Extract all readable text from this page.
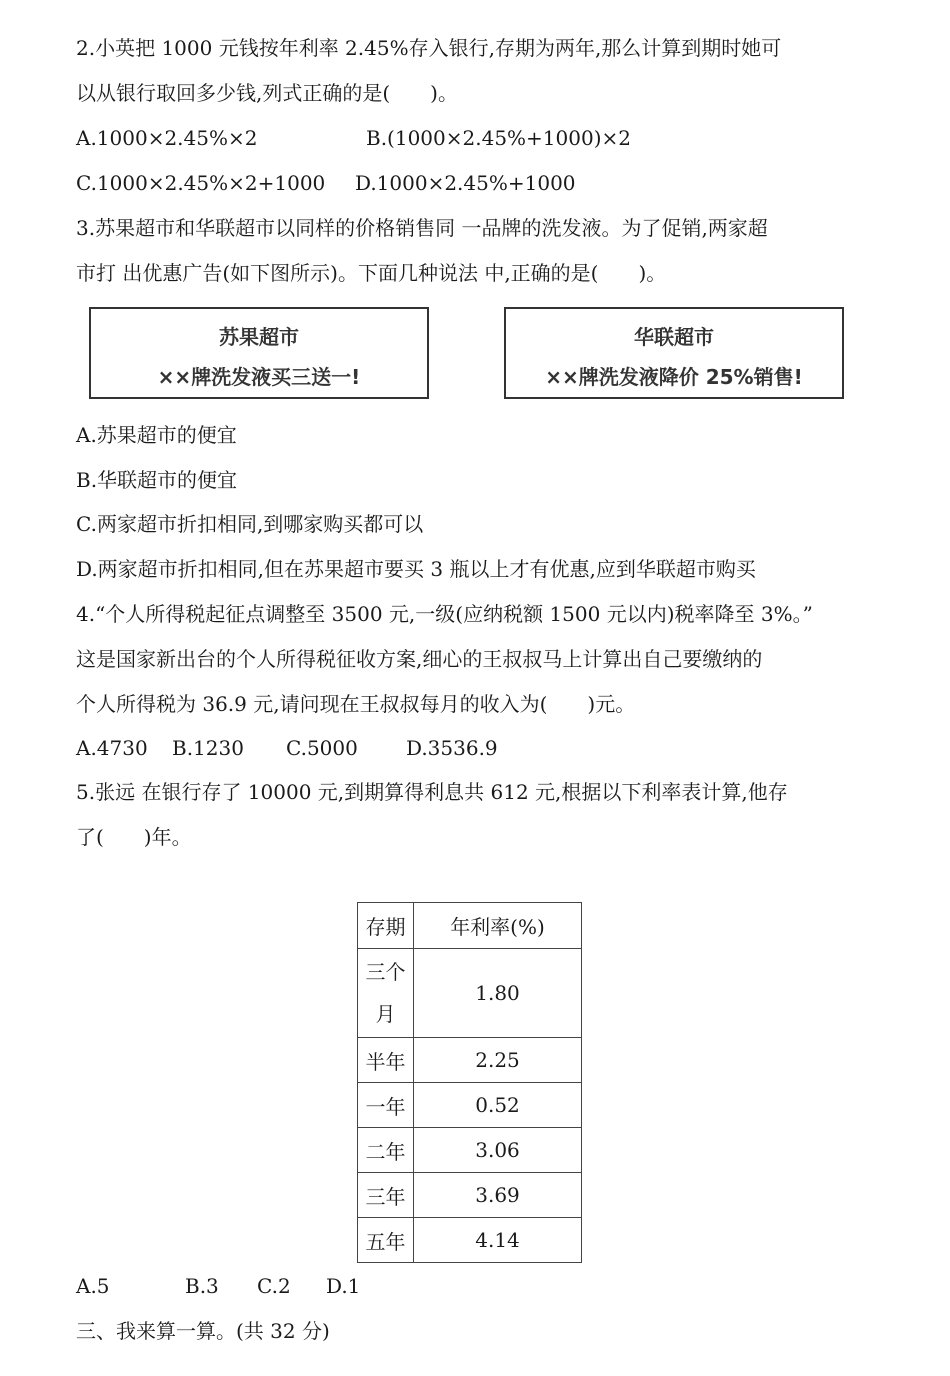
2.小英把 1000 元钱按年利率 2.45%存入银行,存期为两年,那么计算到期时她可
以从银行取回多少钱,列式正确的是(　　)。
A.1000×2.45%×2	B.(1000×2.45%+1000)×2
C.1000×2.45%×2+1000 D.1000×2.45%+1000
3.苏果超市和华联超市以同样的价格销售同 一品牌的洗发液。为了促销,两家超
市打 出优惠广告(如下图所示)。下面几种说法 中,正确的是(　　)。
苏果超市
××牌洗发液买三送一!
华联超市
××牌洗发液降价 25%销售!
A.苏果超市的便宜
B.华联超市的便宜
C.两家超市折扣相同,到哪家购买都可以
D.两家超市折扣相同,但在苏果超市要买 3 瓶以上才有优惠,应到华联超市购买
4.“个人所得税起征点调整至 3500 元,一级(应纳税额 1500 元以内)税率降至 3%。”
这是国家新出台的个人所得税征收方案,细心的王叔叔马上计算出自己要缴纳的
个人所得税为 36.9 元,请问现在王叔叔每月的收入为(　　)元。
A.4730 B.1230 C.5000 D.3536.9
5.张远 在银行存了 10000 元,到期算得利息共 612 元,根据以下利率表计算,他存
了(　　)年。
存期	年利率(%)

三个
月	1.80
半年	2.25
一年	0.52
二年	3.06
三年	3.69
五年	4.14
A.5	B.3 C.2 D.1
三、我来算一算。(共 32 分)
